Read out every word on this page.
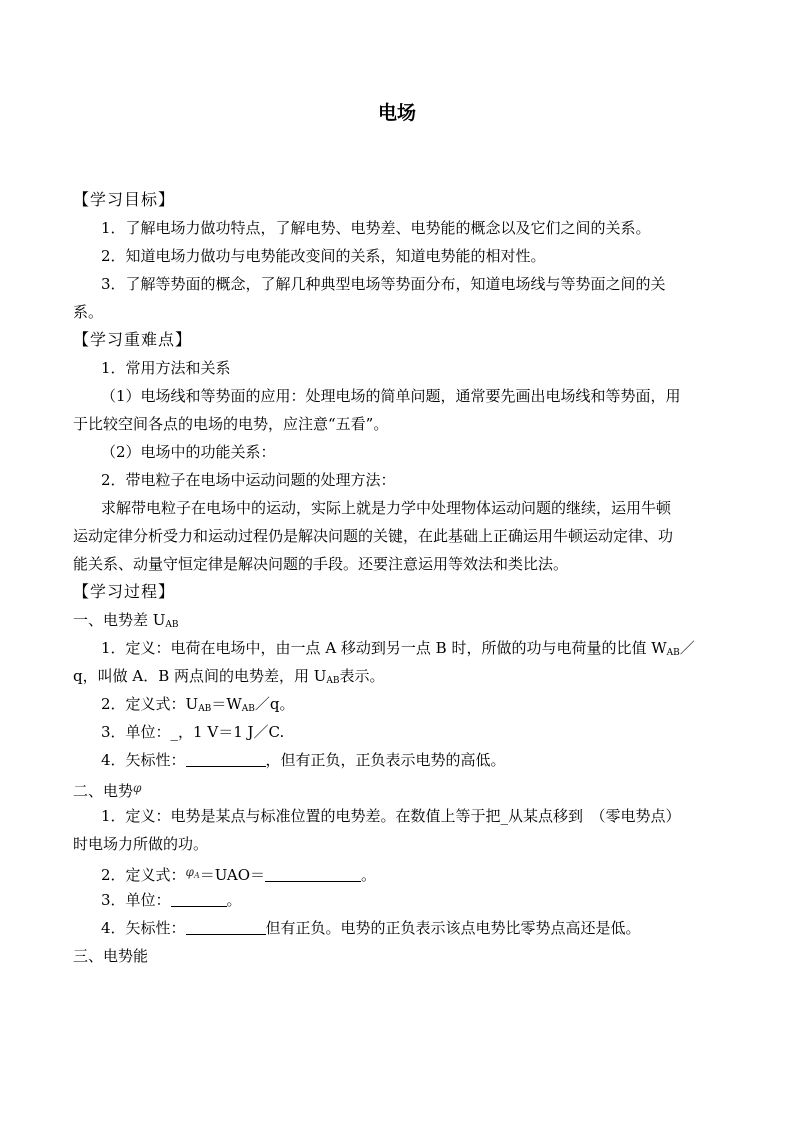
电场
【学习目标】
1．了解电场力做功特点，了解电势、电势差、电势能的概念以及它们之间的关系。
2．知道电场力做功与电势能改变间的关系，知道电势能的相对性。
3．了解等势面的概念，了解几种典型电场等势面分布，知道电场线与等势面之间的关
系。
【学习重难点】
1．常用方法和关系
（1）电场线和等势面的应用：处理电场的简单问题，通常要先画出电场线和等势面，用
于比较空间各点的电场的电势，应注意“五看”。
（2）电场中的功能关系：
2．带电粒子在电场中运动问题的处理方法：
求解带电粒子在电场中的运动，实际上就是力学中处理物体运动问题的继续，运用牛顿
运动定律分析受力和运动过程仍是解决问题的关键，在此基础上正确运用牛顿运动定律、功
能关系、动量守恒定律是解决问题的手段。还要注意运用等效法和类比法。
【学习过程】
一、电势差 $U_{AB}$
1．定义：电荷在电场中，由一点 A 移动到另一点 B 时，所做的功与电荷量的比值 $W_{AB}/$
q，叫做 A．B 两点间的电势差，用 $U_{AB}$表示。
2．定义式：$U_{AB}=W_{AB}/q$。
3．单位：_，1 V＝1 J／C.
4．矢标性：	，但有正负，正负表示电势的高低。
二、电势$^\varphi$
1．定义：电势是某点与标准位置的电势差。在数值上等于把_从某点移到　（零电势点）
时电场力所做的功。
2．定义式：$^{\varphi_A}$＝UAO＝	。
3．单位：	。
4．矢标性：	但有正负。电势的正负表示该点电势比零势点高还是低。
三、电势能
